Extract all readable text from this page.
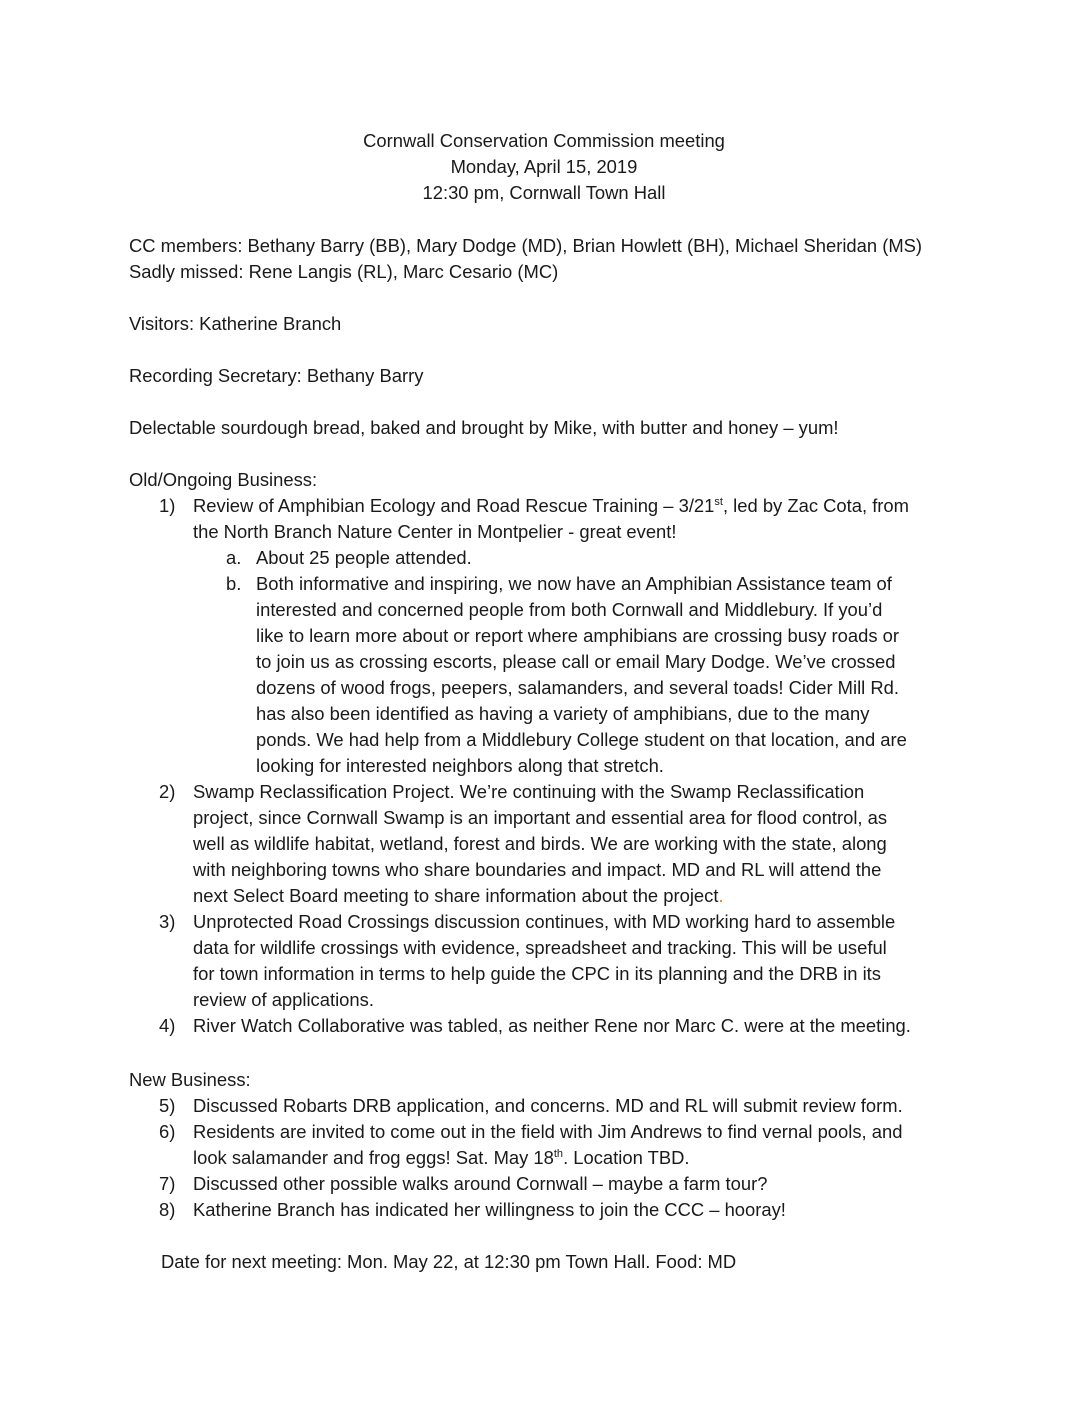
Cornwall Conservation Commission meeting
Monday, April 15, 2019
12:30 pm, Cornwall Town Hall
CC members: Bethany Barry (BB), Mary Dodge (MD), Brian Howlett (BH), Michael Sheridan (MS)
Sadly missed: Rene Langis (RL), Marc Cesario (MC)
Visitors: Katherine Branch
Recording Secretary: Bethany Barry
Delectable sourdough bread, baked and brought by Mike, with butter and honey – yum!
Old/Ongoing Business:
1) Review of Amphibian Ecology and Road Rescue Training – 3/21st, led by Zac Cota, from
the North Branch Nature Center in Montpelier - great event!
a. About 25 people attended.
b. Both informative and inspiring, we now have an Amphibian Assistance team of
interested and concerned people from both Cornwall and Middlebury. If you’d
like to learn more about or report where amphibians are crossing busy roads or
to join us as crossing escorts, please call or email Mary Dodge. We’ve crossed
dozens of wood frogs, peepers, salamanders, and several toads! Cider Mill Rd.
has also been identified as having a variety of amphibians, due to the many
ponds. We had help from a Middlebury College student on that location, and are
looking for interested neighbors along that stretch.
2) Swamp Reclassification Project. We’re continuing with the Swamp Reclassification
project, since Cornwall Swamp is an important and essential area for flood control, as
well as wildlife habitat, wetland, forest and birds. We are working with the state, along
with neighboring towns who share boundaries and impact. MD and RL will attend the
next Select Board meeting to share information about the project.
3) Unprotected Road Crossings discussion continues, with MD working hard to assemble
data for wildlife crossings with evidence, spreadsheet and tracking. This will be useful
for town information in terms to help guide the CPC in its planning and the DRB in its
review of applications.
4) River Watch Collaborative was tabled, as neither Rene nor Marc C. were at the meeting.
New Business:
5) Discussed Robarts DRB application, and concerns. MD and RL will submit review form.
6) Residents are invited to come out in the field with Jim Andrews to find vernal pools, and
look salamander and frog eggs! Sat. May 18th. Location TBD.
7) Discussed other possible walks around Cornwall – maybe a farm tour?
8) Katherine Branch has indicated her willingness to join the CCC – hooray!
Date for next meeting: Mon. May 22, at 12:30 pm Town Hall. Food: MD
